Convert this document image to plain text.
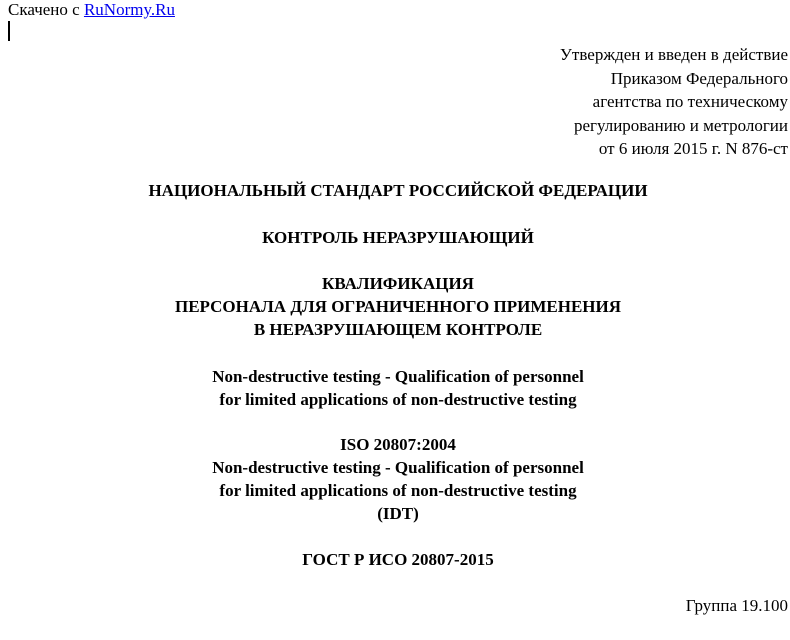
Скачено с RuNormy.Ru
Утвержден и введен в действие
Приказом Федерального
агентства по техническому
регулированию и метрологии
от 6 июля 2015 г. N 876-ст
НАЦИОНАЛЬНЫЙ СТАНДАРТ РОССИЙСКОЙ ФЕДЕРАЦИИ
КОНТРОЛЬ НЕРАЗРУШАЮЩИЙ
КВАЛИФИКАЦИЯ
ПЕРСОНАЛА ДЛЯ ОГРАНИЧЕННОГО ПРИМЕНЕНИЯ
В НЕРАЗРУШАЮЩЕМ КОНТРОЛЕ
Non-destructive testing - Qualification of personnel
for limited applications of non-destructive testing
ISO 20807:2004
Non-destructive testing - Qualification of personnel
for limited applications of non-destructive testing
(IDT)
ГОСТ Р ИСО 20807-2015
Группа 19.100
